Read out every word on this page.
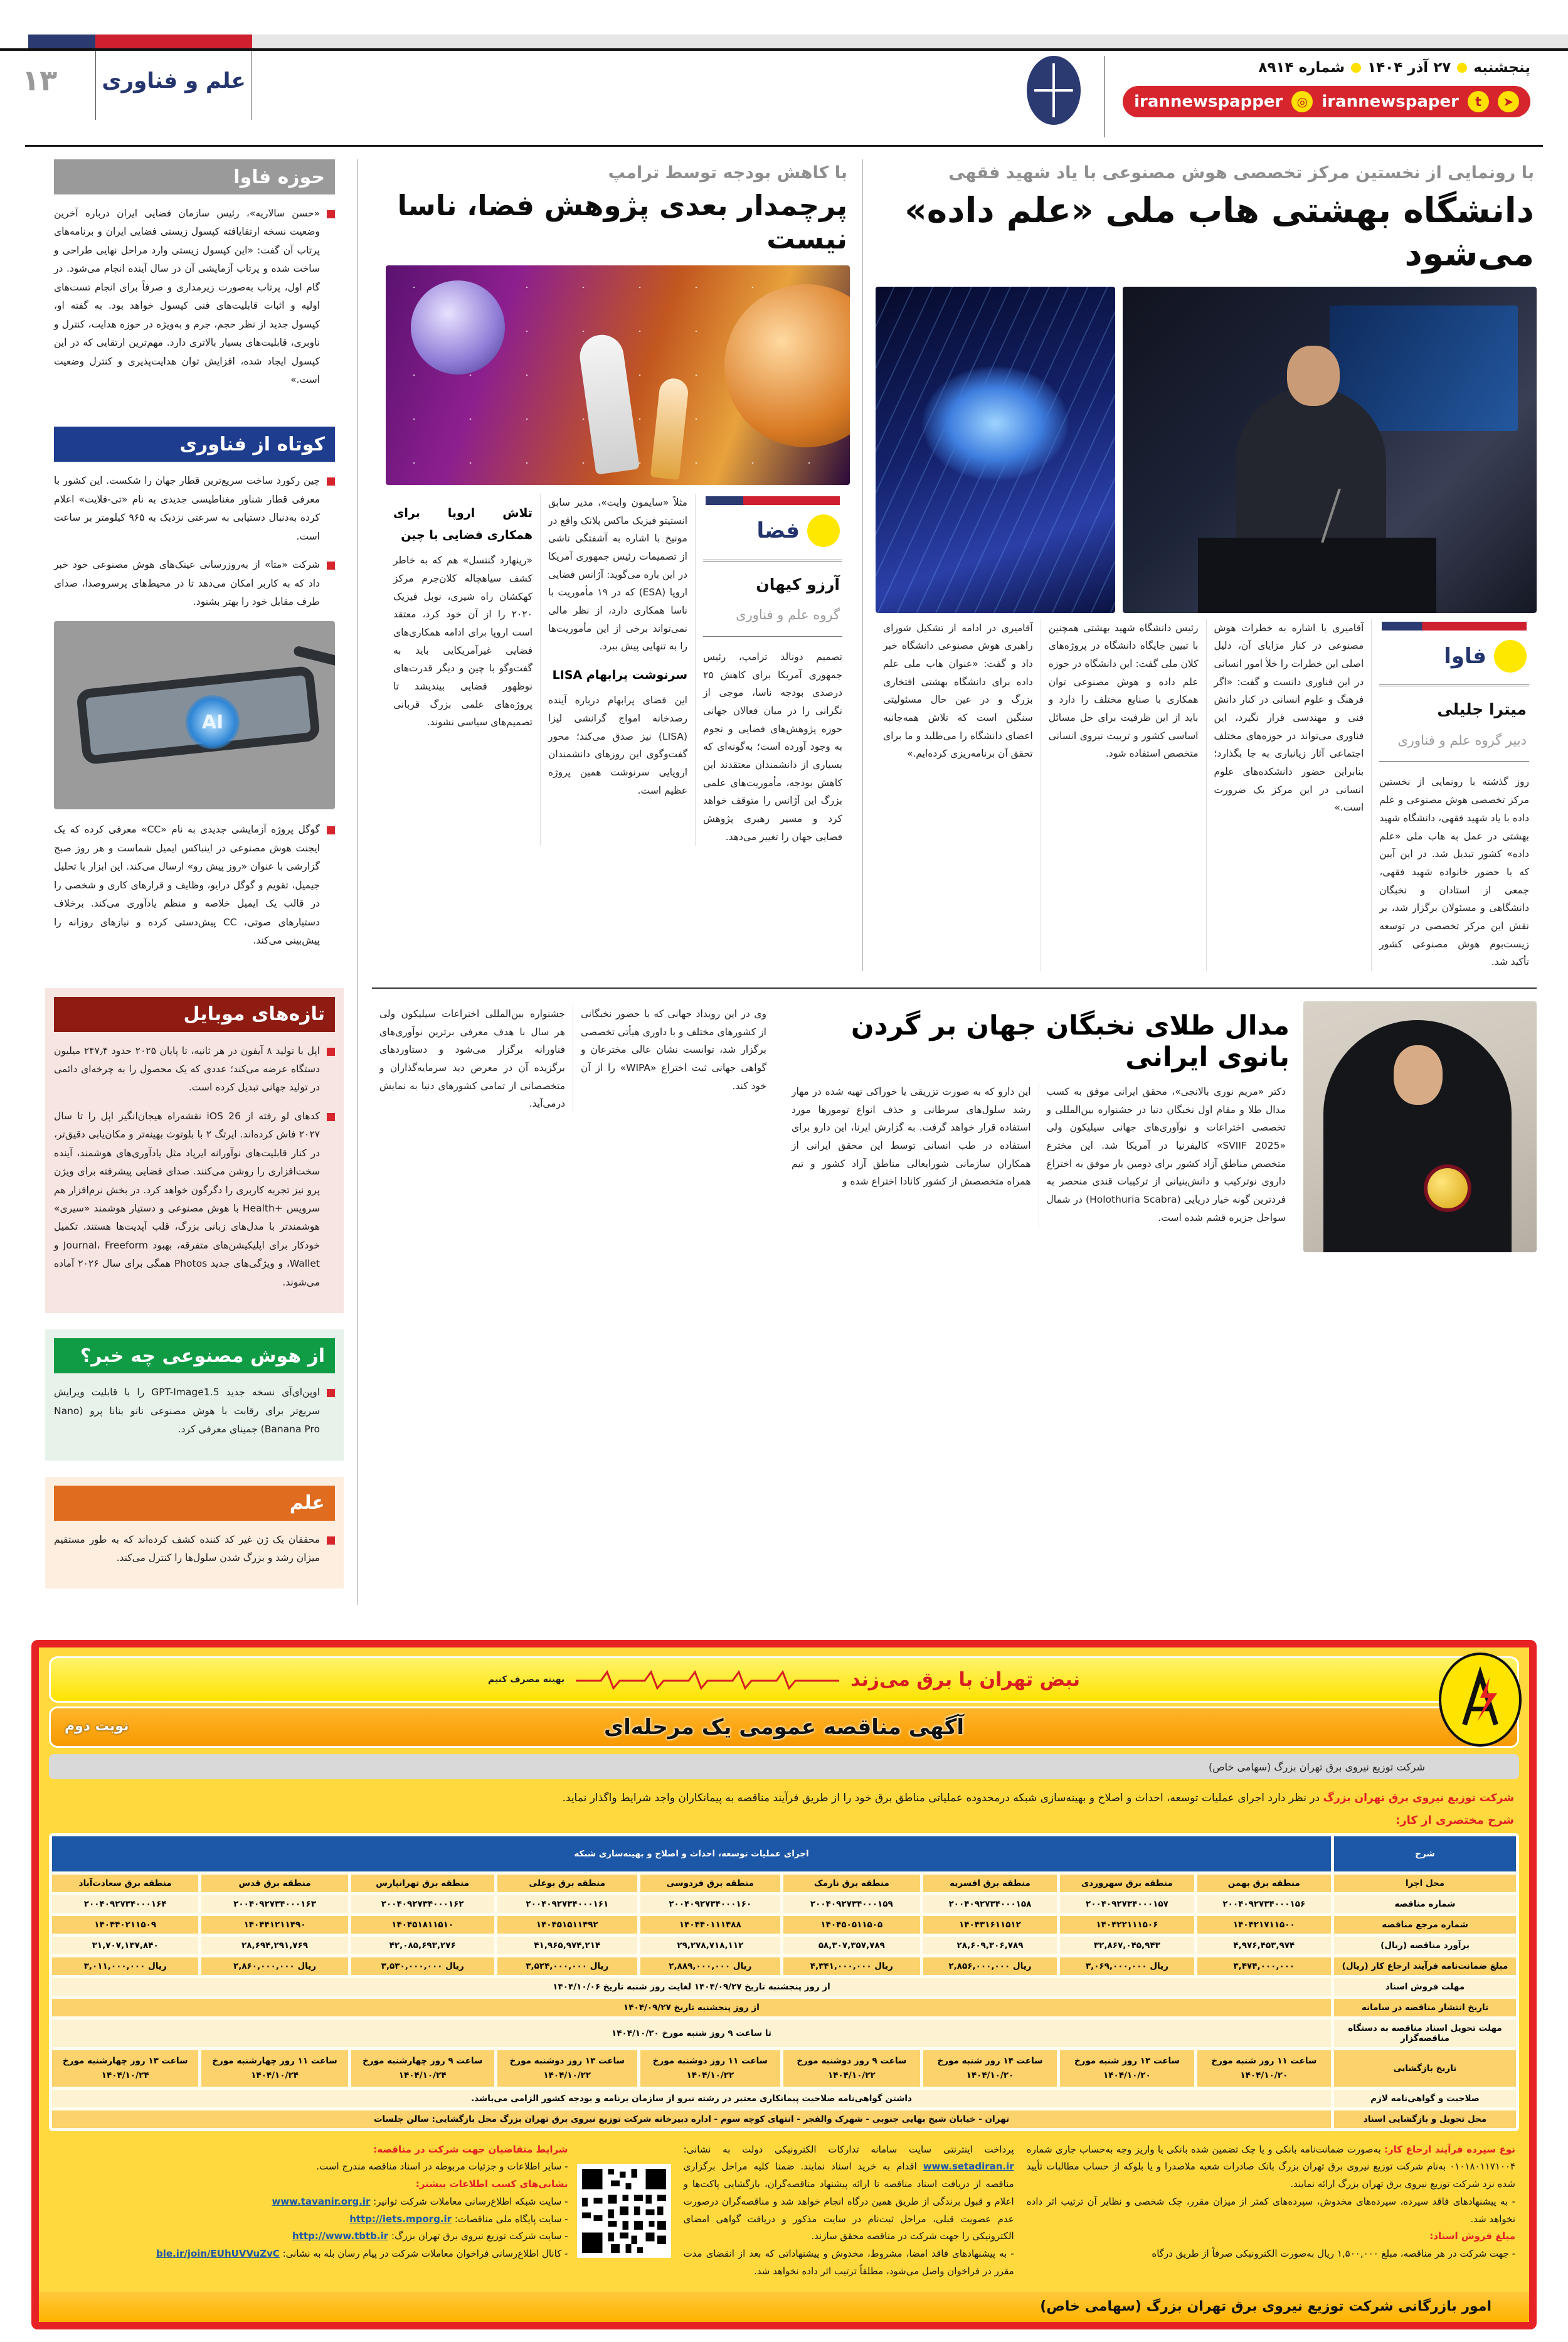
پنجشنبه
۲۷ آذر ۱۴۰۴
شماره ۸۹۱۴
➤
t
irannewspaper
◎
irannewspapper
علم و فناوری
۱۳
با رونمایی از نخستین مرکز تخصصی هوش مصنوعی با یاد شهید فقهی
دانشگاه بهشتی هاب ملی «علم داده» می‌شود
فاوا
میترا جلیلی
دبیر گروه علم و فناوری

روز گذشته با رونمایی از نخستین مرکز تخصصی هوش مصنوعی و علم داده با یاد شهید فقهی، دانشگاه شهید بهشتی در عمل به هاب ملی «علم داده» کشور تبدیل شد. در این آیین که با حضور خانواده شهید فقهی، جمعی از استادان و نخبگان دانشگاهی و مسئولان برگزار شد، بر نقش این مرکز تخصصی در توسعه زیست‌بوم هوش مصنوعی کشور تأکید شد.

آقامیری با اشاره به خطرات هوش مصنوعی در کنار مزایای آن، دلیل اصلی این خطرات را خلأ امور انسانی در این فناوری دانست و گفت: «اگر فرهنگ و علوم انسانی در کنار دانش فنی و مهندسی قرار نگیرد، این فناوری می‌تواند در حوزه‌های مختلف اجتماعی آثار زیانباری به جا بگذارد؛ بنابراین حضور دانشکده‌های علوم انسانی در این مرکز یک ضرورت است.»

رئیس دانشگاه شهید بهشتی همچنین با تبیین جایگاه دانشگاه در پروژه‌های کلان ملی گفت: این دانشگاه در حوزه علم داده و هوش مصنوعی توان همکاری با صنایع مختلف را دارد و باید از این ظرفیت برای حل مسائل اساسی کشور و تربیت نیروی انسانی متخصص استفاده شود.

آقامیری در ادامه از تشکیل شورای راهبری هوش مصنوعی دانشگاه خبر داد و گفت: «عنوان هاب ملی علم داده برای دانشگاه بهشتی افتخاری بزرگ و در عین حال مسئولیتی سنگین است که تلاش همه‌جانبه اعضای دانشگاه را می‌طلبد و ما برای تحقق آن برنامه‌ریزی کرده‌ایم.»

با کاهش بودجه توسط ترامپ
پرچمدار بعدی پژوهش فضا، ناسا نیست
فضا
آرزو کیهان
گروه علم و فناوری

تصمیم دونالد ترامپ، رئیس جمهوری آمریکا برای کاهش ۲۵ درصدی بودجه ناسا، موجی از نگرانی را در میان فعالان جهانی حوزه پژوهش‌های فضایی و نجوم به وجود آورده است؛ به‌گونه‌ای که بسیاری از دانشمندان معتقدند این کاهش بودجه، مأموریت‌های علمی بزرگ این آژانس را متوقف خواهد کرد و مسیر رهبری پژوهش فضایی جهان را تغییر می‌دهد.

مثلاً «سایمون وایت»، مدیر سابق انستیتو فیزیک ماکس پلانک واقع در مونیخ با اشاره به آشفتگی ناشی از تصمیمات رئیس جمهوری آمریکا در این باره می‌گوید: آژانس فضایی اروپا (ESA) که در ۱۹ مأموریت با ناسا همکاری دارد، از نظر مالی نمی‌تواند برخی از این مأموریت‌ها را به تنهایی پیش ببرد.

سرنوشت پرابهام LISA

این فضای پرابهام درباره آینده رصدخانه امواج گرانشی لیزا (LISA) نیز صدق می‌کند؛ محور گفت‌وگوی این روزهای دانشمندان اروپایی سرنوشت همین پروژه عظیم است.

تلاش اروپا برای همکاری فضایی با چین

«رینهارد گنتسل» هم که به خاطر کشف سیاهچاله کلان‌جرم مرکز کهکشان راه شیری، نوبل فیزیک ۲۰۲۰ را از آن خود کرد، معتقد است اروپا برای ادامه همکاری‌های فضایی غیرآمریکایی باید به گفت‌وگو با چین و دیگر قدرت‌های نوظهور فضایی بیندیشد تا پروژه‌های علمی بزرگ قربانی تصمیم‌های سیاسی نشوند.

مدال طلای نخبگان جهان بر گردن بانوی ایرانی

دکتر «مریم نوری بالانجی»، محقق ایرانی موفق به کسب مدال طلا و مقام اول نخبگان دنیا در جشنواره بین‌المللی و تخصصی اختراعات و نوآوری‌های جهانی سیلیکون ولی «SVIIF 2025» کالیفرنیا در آمریکا شد. این مخترع متخصص مناطق آزاد کشور برای دومین بار موفق به اختراع داروی نوترکیب و دانش‌بنیانی از ترکیبات قندی منحصر به فردترین گونه خیار دریایی (Holothuria Scabra) در شمال سواحل جزیره قشم شده است.

این دارو که به صورت تزریقی یا خوراکی تهیه شده در مهار رشد سلول‌های سرطانی و حذف انواع تومورها مورد استفاده قرار خواهد گرفت. به گزارش ایرنا، این دارو برای استفاده در طب انسانی توسط این محقق ایرانی از همکاران سازمانی شورایعالی مناطق آزاد کشور و تیم همراه متخصصش از کشور کانادا اختراع شده و

وی در این رویداد جهانی که با حضور نخبگانی از کشورهای مختلف و با داوری هیأتی تخصصی برگزار شد، توانست نشان عالی مخترعان و گواهی جهانی ثبت اختراع «WIPA» را از آن خود کند.

جشنواره بین‌المللی اختراعات سیلیکون ولی هر سال با هدف معرفی برترین نوآوری‌های فناورانه برگزار می‌شود و دستاوردهای برگزیده آن در معرض دید سرمایه‌گذاران و متخصصانی از تمامی کشورهای دنیا به نمایش درمی‌آید.

حوزه فاوا
«حسن سالاریه»، رئیس سازمان فضایی ایران درباره آخرین وضعیت نسخه ارتقایافته کپسول زیستی فضایی ایران و برنامه‌های پرتاب آن گفت: «این کپسول زیستی وارد مراحل نهایی طراحی و ساخت شده و پرتاب آزمایشی آن در سال آینده انجام می‌شود. در گام اول، پرتاب به‌صورت زیرمداری و صرفاً برای انجام تست‌های اولیه و اثبات قابلیت‌های فنی کپسول خواهد بود. به گفته او، کپسول جدید از نظر حجم، جرم و به‌ویژه در حوزه هدایت، کنترل و ناوبری، قابلیت‌های بسیار بالاتری دارد. مهم‌ترین ارتقایی که در این کپسول ایجاد شده، افزایش توان هدایت‌پذیری و کنترل وضعیت است.»
کوتاه از فناوری
چین رکورد ساخت سریع‌ترین قطار جهان را شکست. این کشور با معرفی قطار شناور مغناطیسی جدیدی به نام «تی-فلایت» اعلام کرده به‌دنبال دستیابی به سرعتی نزدیک به ۹۶۵ کیلومتر بر ساعت است.
شرکت «متا» از به‌روزرسانی عینک‌های هوش مصنوعی خود خبر داد که به کاربر امکان می‌دهد تا در محیط‌های پرسروصدا، صدای طرف مقابل خود را بهتر بشنود.
AI
گوگل پروژه آزمایشی جدیدی به نام «CC» معرفی کرده که یک ایجنت هوش مصنوعی در اینباکس ایمیل شماست و هر روز صبح گزارشی با عنوان «روز پیش رو» ارسال می‌کند. این ابزار با تحلیل جیمیل، تقویم و گوگل درایو، وظایف و قرارهای کاری و شخصی را در قالب یک ایمیل خلاصه و منظم یادآوری می‌کند. برخلاف دستیارهای صوتی، CC پیش‌دستی کرده و نیازهای روزانه را پیش‌بینی می‌کند.
تازه‌های موبایل
اپل با تولید ۸ آیفون در هر ثانیه، تا پایان ۲۰۲۵ حدود ۲۴۷٫۴ میلیون دستگاه عرضه می‌کند؛ عددی که یک محصول را به چرخه‌ای دائمی در تولید جهانی تبدیل کرده است.
کدهای لو رفته از iOS 26 نقشه‌راه هیجان‌انگیز اپل را تا سال ۲۰۲۷ فاش کرده‌اند. ایرتگ ۲ با بلوتوث بهینه‌تر و مکان‌یابی دقیق‌تر، در کنار قابلیت‌های نوآورانه ایرپاد مثل یادآوری‌های هوشمند، آینده سخت‌افزاری را روشن می‌کنند. صدای فضایی پیشرفته برای ویژن پرو نیز تجربه کاربری را دگرگون خواهد کرد. در بخش نرم‌افزار هم سرویس +Health با هوش مصنوعی و دستیار هوشمند «سیری» هوشمندتر با مدل‌های زبانی بزرگ، قلب آپدیت‌ها هستند. تکمیل خودکار برای اپلیکیشن‌های متفرقه، بهبود Journal، Freeform و Wallet، و ویژگی‌های جدید Photos همگی برای سال ۲۰۲۶ آماده می‌شوند.
از هوش مصنوعی چه خبر؟
اوپن‌ای‌آی نسخه جدید GPT-Image1.5 را با قابلیت ویرایش سریع‌تر برای رقابت با هوش مصنوعی نانو بنانا پرو (Nano Banana Pro) جمینای معرفی کرد.
علم
محققان یک ژن غیر کد کننده کشف کرده‌اند که به طور مستقیم میزان رشد و بزرگ شدن سلول‌ها را کنترل می‌کند.
نبض تهران با برق می‌زند
بهینه مصرف کنیم
آگهی مناقصه عمومی یک مرحله‌ای
نوبت دوم
شرکت توزیع نیروی برق تهران بزرگ (سهامی خاص)

شرکت توزیع نیروی برق تهران بزرگ در نظر دارد اجرای عملیات توسعه، احداث و اصلاح و بهینه‌سازی شبکه درمحدوده عملیاتی مناطق برق خود را از طریق فرآیند مناقصه به پیمانکاران واجد شرایط واگذار نماید.

شرح مختصری از کار:
شرح	اجرای عملیات توسعه، احداث و اصلاح و بهینه‌سازی شبکه								
محل اجرا	منطقه برق بهمن	منطقه برق سهروردی	منطقه برق افسریه	منطقه برق نارمک	منطقه برق فردوسی	منطقه برق بوعلی	منطقه برق تهرانپارس	منطقه برق قدس	منطقه برق سعادت‌آباد
شماره مناقصه	۲۰۰۴۰۹۲۷۳۴۰۰۰۱۵۶	۲۰۰۴۰۹۲۷۳۴۰۰۰۱۵۷	۲۰۰۴۰۹۲۷۳۴۰۰۰۱۵۸	۲۰۰۴۰۹۲۷۳۴۰۰۰۱۵۹	۲۰۰۴۰۹۲۷۳۴۰۰۰۱۶۰	۲۰۰۴۰۹۲۷۳۴۰۰۰۱۶۱	۲۰۰۴۰۹۲۷۳۴۰۰۰۱۶۲	۲۰۰۴۰۹۲۷۳۴۰۰۰۱۶۳	۲۰۰۴۰۹۲۷۳۴۰۰۰۱۶۴
شماره مرجع مناقصه	۱۴۰۴۲۱۷۱۱۵۰۰	۱۴۰۴۲۲۱۱۱۵۰۶	۱۴۰۴۳۱۶۱۱۵۱۲	۱۴۰۴۵۰۵۱۱۵۰۵	۱۴۰۴۴۰۱۱۱۴۸۸	۱۴۰۴۵۱۵۱۱۴۹۲	۱۴۰۴۵۱۸۱۱۵۱۰	۱۴۰۴۴۱۲۱۱۴۹۰	۱۴۰۴۴۰۲۱۱۵۰۹
برآورد مناقصه (ریال)	۴,۹۷۶,۴۵۳,۹۷۴	۳۲,۸۶۷,۰۴۵,۹۴۳	۲۸,۶۰۹,۳۰۶,۷۸۹	۵۸,۳۰۷,۳۵۷,۷۸۹	۲۹,۲۷۸,۷۱۸,۱۱۲	۴۱,۹۶۵,۹۷۴,۲۱۴	۴۲,۰۸۵,۶۹۳,۲۷۶	۲۸,۶۹۴,۲۹۱,۷۶۹	۳۱,۷۰۷,۱۳۷,۸۴۰
مبلغ ضمانت‌نامه فرآیند ارجاع کار (ریال)	۳,۴۷۴,۰۰۰,۰۰۰	۳,۰۶۹,۰۰۰,۰۰۰ ریال	۲,۸۵۶,۰۰۰,۰۰۰ ریال	۴,۳۴۱,۰۰۰,۰۰۰ ریال	۲,۸۸۹,۰۰۰,۰۰۰ ریال	۳,۵۲۴,۰۰۰,۰۰۰ ریال	۳,۵۳۰,۰۰۰,۰۰۰ ریال	۲,۸۶۰,۰۰۰,۰۰۰ ریال	۳,۰۱۱,۰۰۰,۰۰۰ ریال
مهلت فروش اسناد	از روز پنجشنبه تاریخ ۱۴۰۴/۰۹/۲۷ لغایت روز شنبه تاریخ ۱۴۰۴/۱۰/۰۶								
تاریخ انتشار مناقصه در سامانه	از روز پنجشنبه تاریخ ۱۴۰۴/۰۹/۲۷								
مهلت تحویل اسناد مناقصه به دستگاه مناقصه‌گزار	تا ساعت ۹ روز شنبه مورخ ۱۴۰۴/۱۰/۲۰								
تاریخ بازگشایی	ساعت ۱۱ روز شنبه مورخ ۱۴۰۴/۱۰/۲۰	ساعت ۱۳ روز شنبه مورخ ۱۴۰۴/۱۰/۲۰	ساعت ۱۴ روز شنبه مورخ ۱۴۰۴/۱۰/۲۰	ساعت ۹ روز دوشنبه مورخ ۱۴۰۴/۱۰/۲۲	ساعت ۱۱ روز دوشنبه مورخ ۱۴۰۴/۱۰/۲۲	ساعت ۱۳ روز دوشنبه مورخ ۱۴۰۴/۱۰/۲۲	ساعت ۹ روز چهارشنبه مورخ ۱۴۰۴/۱۰/۲۴	ساعت ۱۱ روز چهارشنبه مورخ ۱۴۰۴/۱۰/۲۴	ساعت ۱۳ روز چهارشنبه مورخ ۱۴۰۴/۱۰/۲۴
صلاحیت و گواهی‌نامه لازم	داشتن گواهی‌نامه صلاحیت پیمانکاری معتبر در رشته نیرو از سازمان برنامه و بودجه کشور الزامی می‌باشد.								
محل تحویل و بازگشایی اسناد	تهران - خیابان شیخ بهایی جنوبی - شهرک والفجر - انتهای کوچه سوم - اداره دبیرخانه شرکت توزیع نیروی برق تهران بزرگ محل بازگشایی: سالن جلسات								
نوع سپرده فرآیند ارجاع کار: به‌صورت ضمانت‌نامه بانکی و یا چک تضمین شده بانکی یا واریز وجه به‌حساب جاری شماره ۰۱۰۱۸۰۱۱۷۱۰۰۴ به‌نام شرکت توزیع نیروی برق تهران بزرگ بانک صادرات شعبه ملاصدرا و یا بلوکه از حساب مطالبات تأیید شده نزد شرکت توزیع نیروی برق تهران بزرگ ارائه نمایند.
- به پیشنهادهای فاقد سپرده، سپرده‌های مخدوش، سپرده‌های کمتر از میزان مقرر، چک شخصی و نظایر آن ترتیب اثر داده نخواهد شد.
مبلغ فروش اسناد:
- جهت شرکت در هر مناقصه، مبلغ ۱,۵۰۰,۰۰۰ ریال به‌صورت الکترونیکی صرفاً از طریق درگاه
پرداخت اینترنتی سایت سامانه تدارکات الکترونیکی دولت به نشانی: www.setadiran.ir اقدام به خرید اسناد نمایند. ضمنا کلیه مراحل برگزاری مناقصه از دریافت اسناد مناقصه تا ارائه پیشنهاد مناقصه‌گران، بازگشایی پاکت‌ها و اعلام و قبول برندگی از طریق همین درگاه انجام خواهد شد و مناقصه‌گران درصورت عدم عضویت قبلی، مراحل ثبت‌نام در سایت مذکور و دریافت گواهی امضای الکترونیکی را جهت شرکت در مناقصه محقق سازند.
- به پیشنهادهای فاقد امضا، مشروط، مخدوش و پیشنهاداتی که بعد از انقضای مدت مقرر در فراخوان واصل می‌شود، مطلقاً ترتیب اثر داده نخواهد شد.
شرایط متقاضیان جهت شرکت در مناقصه:
- سایر اطلاعات و جزئیات مربوطه در اسناد مناقصه مندرج است.
نشانی‌های کسب اطلاعات بیشتر:
- سایت شبکه اطلاع‌رسانی معاملات شرکت توانیر: www.tavanir.org.ir
- سایت پایگاه ملی مناقصات: http://iets.mporg.ir
- سایت شرکت توزیع نیروی برق تهران بزرگ: http://www.tbtb.ir
- کانال اطلاع‌رسانی فراخوان معاملات شرکت در پیام رسان بله به نشانی: ble.ir/join/EUhUVVuZvC
امور بازرگانی شرکت توزیع نیروی برق تهران بزرگ (سهامی خاص)
